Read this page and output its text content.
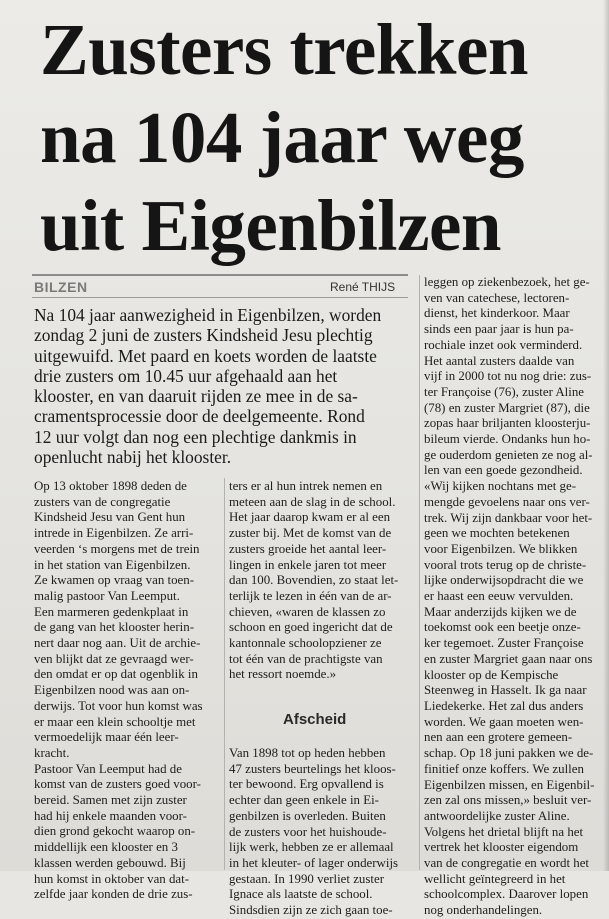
Zusters trekken
na 104 jaar weg
uit Eigenbilzen
BILZEN	René THIJS
Na 104 jaar aanwezigheid in Eigenbilzen, worden
zondag 2 juni de zusters Kindsheid Jesu plechtig
uitgewuifd. Met paard en koets worden de laatste
drie zusters om 10.45 uur afgehaald aan het
klooster, en van daaruit rijden ze mee in de sa-
cramentsprocessie door de deelgemeente. Rond
12 uur volgt dan nog een plechtige dankmis in
openlucht nabij het klooster.
Op 13 oktober 1898 deden de
zusters van de congregatie
Kindsheid Jesu van Gent hun
intrede in Eigenbilzen. Ze arri-
veerden ‘s morgens met de trein
in het station van Eigenbilzen.
Ze kwamen op vraag van toen-
malig pastoor Van Leemput.
Een marmeren gedenkplaat in
de gang van het klooster herin-
nert daar nog aan. Uit de archie-
ven blijkt dat ze gevraagd wer-
den omdat er op dat ogenblik in
Eigenbilzen nood was aan on-
derwijs. Tot voor hun komst was
er maar een klein schooltje met
vermoedelijk maar één leer-
kracht.
Pastoor Van Leemput had de
komst van de zusters goed voor-
bereid. Samen met zijn zuster
had hij enkele maanden voor-
dien grond gekocht waarop on-
middellijk een klooster en 3
klassen werden gebouwd. Bij
hun komst in oktober van dat-
zelfde jaar konden de drie zus-
ters er al hun intrek nemen en
meteen aan de slag in de school.
Het jaar daarop kwam er al een
zuster bij. Met de komst van de
zusters groeide het aantal leer-
lingen in enkele jaren tot meer
dan 100. Bovendien, zo staat let-
terlijk te lezen in één van de ar-
chieven, «waren de klassen zo
schoon en goed ingericht dat de
kantonnale schoolopziener ze
tot één van de prachtigste van
het ressort noemde.»
Afscheid
Van 1898 tot op heden hebben
47 zusters beurtelings het kloos-
ter bewoond. Erg opvallend is
echter dan geen enkele in Ei-
genbilzen is overleden. Buiten
de zusters voor het huishoude-
lijk werk, hebben ze er allemaal
in het kleuter- of lager onderwijs
gestaan. In 1990 verliet zuster
Ignace als laatste de school.
Sindsdien zijn ze zich gaan toe-
leggen op ziekenbezoek, het ge-
ven van catechese, lectoren-
dienst, het kinderkoor. Maar
sinds een paar jaar is hun pa-
rochiale inzet ook verminderd.
Het aantal zusters daalde van
vijf in 2000 tot nu nog drie: zus-
ter Françoise (76), zuster Aline
(78) en zuster Margriet (87), die
zopas haar briljanten kloosterju-
bileum vierde. Ondanks hun ho-
ge ouderdom genieten ze nog al-
len van een goede gezondheid.
«Wij kijken nochtans met ge-
mengde gevoelens naar ons ver-
trek. Wij zijn dankbaar voor het-
geen we mochten betekenen
voor Eigenbilzen. We blikken
vooral trots terug op de christe-
lijke onderwijsopdracht die we
er haast een eeuw vervulden.
Maar anderzijds kijken we de
toekomst ook een beetje onze-
ker tegemoet. Zuster Françoise
en zuster Margriet gaan naar ons
klooster op de Kempische
Steenweg in Hasselt. Ik ga naar
Liedekerke. Het zal dus anders
worden. We gaan moeten wen-
nen aan een grotere gemeen-
schap. Op 18 juni pakken we de-
finitief onze koffers. We zullen
Eigenbilzen missen, en Eigenbil-
zen zal ons missen,» besluit ver-
antwoordelijke zuster Aline.
Volgens het drietal blijft na het
vertrek het klooster eigendom
van de congregatie en wordt het
wellicht geïntegreerd in het
schoolcomplex. Daarover lopen
nog onderhandelingen.
